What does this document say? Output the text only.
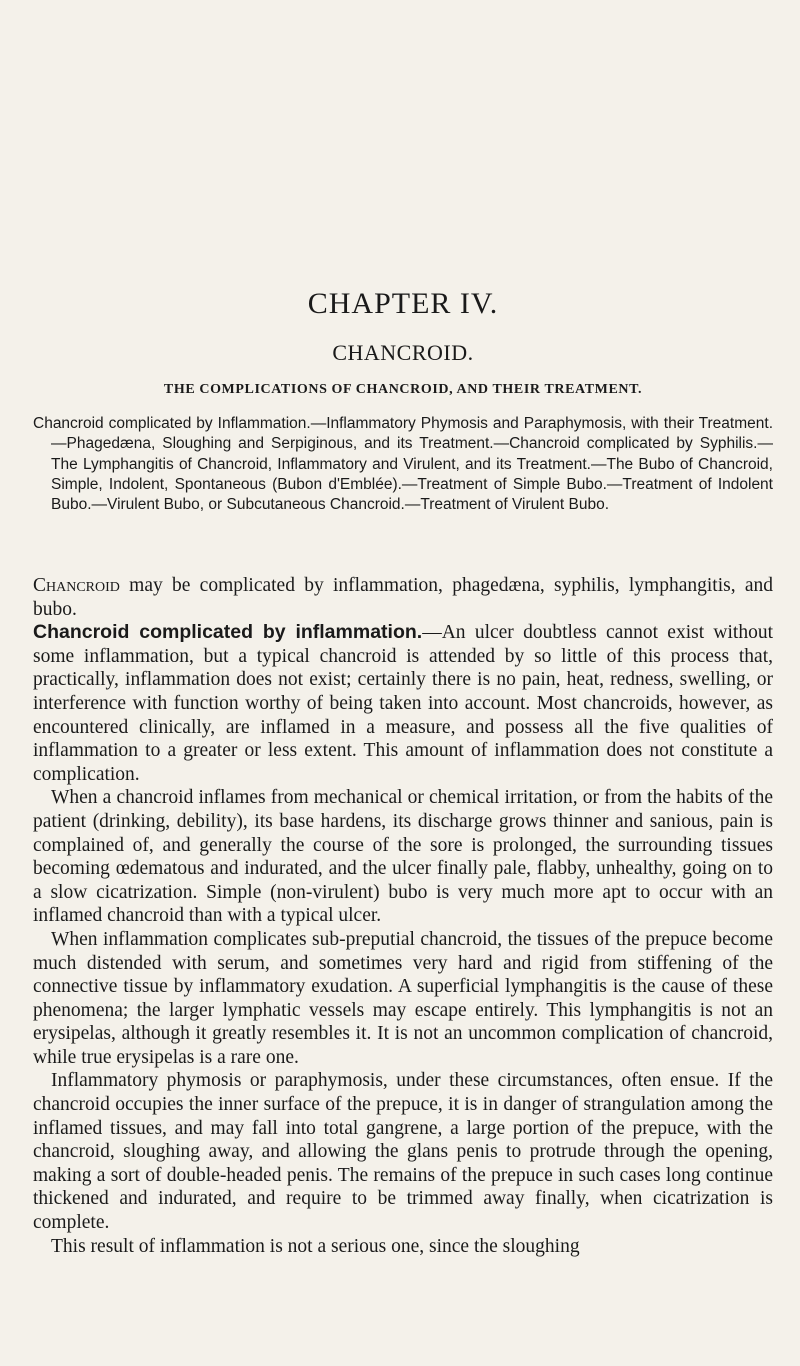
CHAPTER IV.
CHANCROID.
THE COMPLICATIONS OF CHANCROID, AND THEIR TREATMENT.

Chancroid complicated by Inflammation.—Inflammatory Phymosis and Paraphymosis, with their Treatment.—Phagedæna, Sloughing and Serpiginous, and its Treatment.—Chancroid complicated by Syphilis.—The Lymphangitis of Chancroid, Inflammatory and Virulent, and its Treatment.—The Bubo of Chancroid, Simple, Indolent, Spontaneous (Bubon d'Emblée).—Treatment of Simple Bubo.—Treatment of Indolent Bubo.—Virulent Bubo, or Subcutaneous Chancroid.—Treatment of Virulent Bubo.

Chancroid may be complicated by inflammation, phagedæna, syphilis, lymphangitis, and bubo.

Chancroid complicated by inflammation.—An ulcer doubtless cannot exist without some inflammation, but a typical chancroid is attended by so little of this process that, practically, inflammation does not exist; certainly there is no pain, heat, redness, swelling, or interference with function worthy of being taken into account. Most chancroids, however, as encountered clinically, are inflamed in a measure, and possess all the five qualities of inflammation to a greater or less extent. This amount of inflammation does not constitute a complication.

When a chancroid inflames from mechanical or chemical irritation, or from the habits of the patient (drinking, debility), its base hardens, its discharge grows thinner and sanious, pain is complained of, and generally the course of the sore is prolonged, the surrounding tissues becoming œdematous and indurated, and the ulcer finally pale, flabby, unhealthy, going on to a slow cicatrization. Simple (non-virulent) bubo is very much more apt to occur with an inflamed chancroid than with a typical ulcer.

When inflammation complicates sub-preputial chancroid, the tissues of the prepuce become much distended with serum, and sometimes very hard and rigid from stiffening of the connective tissue by inflammatory exudation. A superficial lymphangitis is the cause of these phenomena; the larger lymphatic vessels may escape entirely. This lymphangitis is not an erysipelas, although it greatly resembles it. It is not an uncommon complication of chancroid, while true erysipelas is a rare one.

Inflammatory phymosis or paraphymosis, under these circumstances, often ensue. If the chancroid occupies the inner surface of the prepuce, it is in danger of strangulation among the inflamed tissues, and may fall into total gangrene, a large portion of the prepuce, with the chancroid, sloughing away, and allowing the glans penis to protrude through the opening, making a sort of double-headed penis. The remains of the prepuce in such cases long continue thickened and indurated, and require to be trimmed away finally, when cicatrization is complete.

This result of inflammation is not a serious one, since the sloughing
